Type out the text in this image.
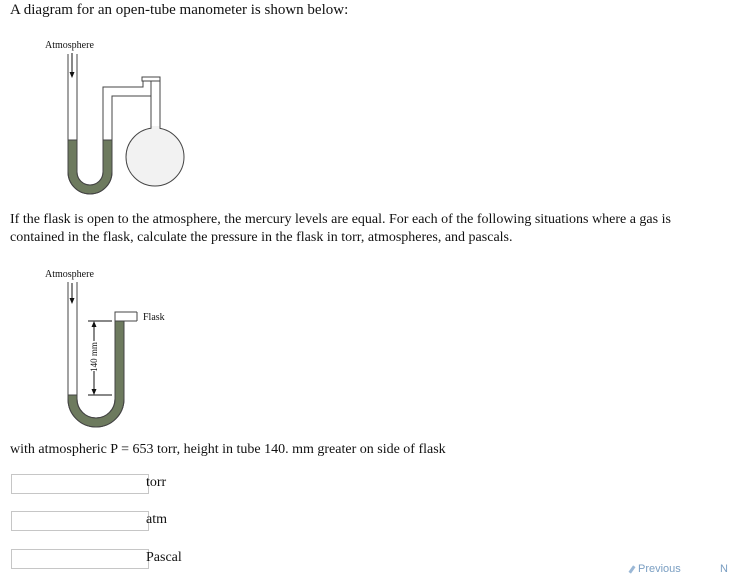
A diagram for an open-tube manometer is shown below:

Atmosphere

If the flask is open to the atmosphere, the mercury levels are equal. For each of the following situations where a gas is contained in the flask, calculate the pressure in the flask in torr, atmospheres, and pascals.

Atmosphere
Flask
140 mm

with atmospheric P = 653 torr, height in tube 140. mm greater on side of flask

torr
atm
Pascal
Previous	N
